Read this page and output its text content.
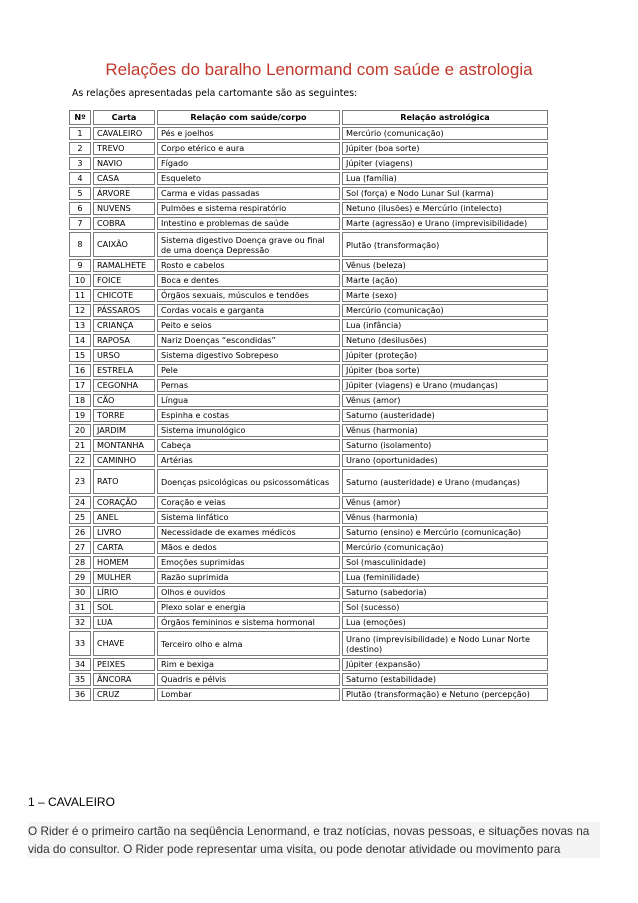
Relações do baralho Lenormand com saúde e astrologia
As relações apresentadas pela cartomante são as seguintes:
Nº	Carta	Relação com saúde/corpo	Relação astrológica
1	CAVALEIRO	Pés e joelhos	Mercúrio (comunicação)
2	TREVO	Corpo etérico e aura	Júpiter (boa sorte)
3	NAVIO	Fígado	Júpiter (viagens)
4	CASA	Esqueleto	Lua (família)
5	ÁRVORE	Carma e vidas passadas	Sol (força) e Nodo Lunar Sul (karma)
6	NUVENS	Pulmões e sistema respiratório	Netuno (ilusões) e Mercúrio (intelecto)
7	COBRA	Intestino e problemas de saúde	Marte (agressão) e Urano (imprevisibilidade)
8	CAIXÃO	Sistema digestivo Doença grave ou final de uma doença Depressão	Plutão (transformação)
9	RAMALHETE	Rosto e cabelos	Vênus (beleza)
10	FOICE	Boca e dentes	Marte (ação)
11	CHICOTE	Órgãos sexuais, músculos e tendões	Marte (sexo)
12	PÁSSAROS	Cordas vocais e garganta	Mercúrio (comunicação)
13	CRIANÇA	Peito e seios	Lua (infância)
14	RAPOSA	Nariz Doenças “escondidas”	Netuno (desilusões)
15	URSO	Sistema digestivo Sobrepeso	Júpiter (proteção)
16	ESTRELA	Pele	Júpiter (boa sorte)
17	CEGONHA	Pernas	Júpiter (viagens) e Urano (mudanças)
18	CÃO	Língua	Vênus (amor)
19	TORRE	Espinha e costas	Saturno (austeridade)
20	JARDIM	Sistema imunológico	Vênus (harmonia)
21	MONTANHA	Cabeça	Saturno (isolamento)
22	CAMINHO	Artérias	Urano (oportunidades)
23	RATO	Doenças psicológicas ou psicossomáticas	Saturno (austeridade) e Urano (mudanças)
24	CORAÇÃO	Coração e veias	Vênus (amor)
25	ANEL	Sistema linfático	Vênus (harmonia)
26	LIVRO	Necessidade de exames médicos	Saturno (ensino) e Mercúrio (comunicação)
27	CARTA	Mãos e dedos	Mercúrio (comunicação)
28	HOMEM	Emoções suprimidas	Sol (masculinidade)
29	MULHER	Razão suprimida	Lua (feminilidade)
30	LÍRIO	Olhos e ouvidos	Saturno (sabedoria)
31	SOL	Plexo solar e energia	Sol (sucesso)
32	LUA	Órgãos femininos e sistema hormonal	Lua (emoções)
33	CHAVE	Terceiro olho e alma	Urano (imprevisibilidade) e Nodo Lunar Norte (destino)
34	PEIXES	Rim e bexiga	Júpiter (expansão)
35	ÂNCORA	Quadris e pélvis	Saturno (estabilidade)
36	CRUZ	Lombar	Plutão (transformação) e Netuno (percepção)
1 – CAVALEIRO
O Rider é o primeiro cartão na seqüência Lenormand, e traz notícias, novas pessoas, e situações novas na vida do consultor. O Rider pode representar uma visita, ou pode denotar atividade ou movimento para
